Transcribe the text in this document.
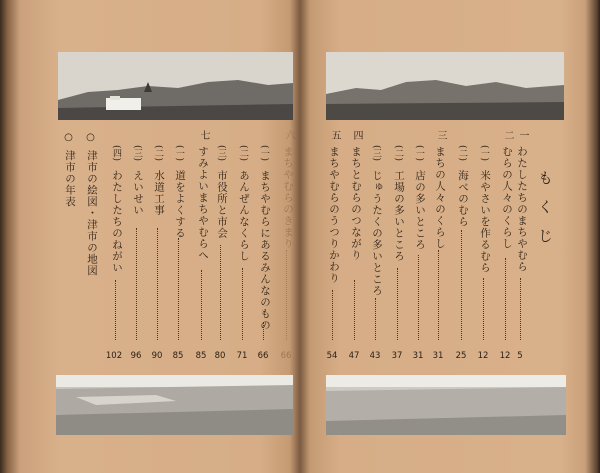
もくじ
一
わたしたちのまちやむら
5
二
むらの人々のくらし
12
(一)
米やさいを作るむら
12
(二)
海べのむら
25
三
まちの人々のくらし
31
(一)
店の多いところ
31
(二)
工場の多いところ
37
(三)
じゅうたくの多いところ
43
四
まちとむらのつながり
47
五
まちやむらのうつりかわり
54
六
まちやむらのきまり
66
(一)
まちやむらにあるみんなのもの
66
(二)
あんぜんなくらし
71
(三)
市役所と市会
80
七
すみよいまちやむらへ
85
(一)
道をよくする
85
(二)
水道工事
90
(三)
えいせい
96
(四)
わたしたちのねがい
102
○
津市の絵図・津市の地図
○
津市の年表
